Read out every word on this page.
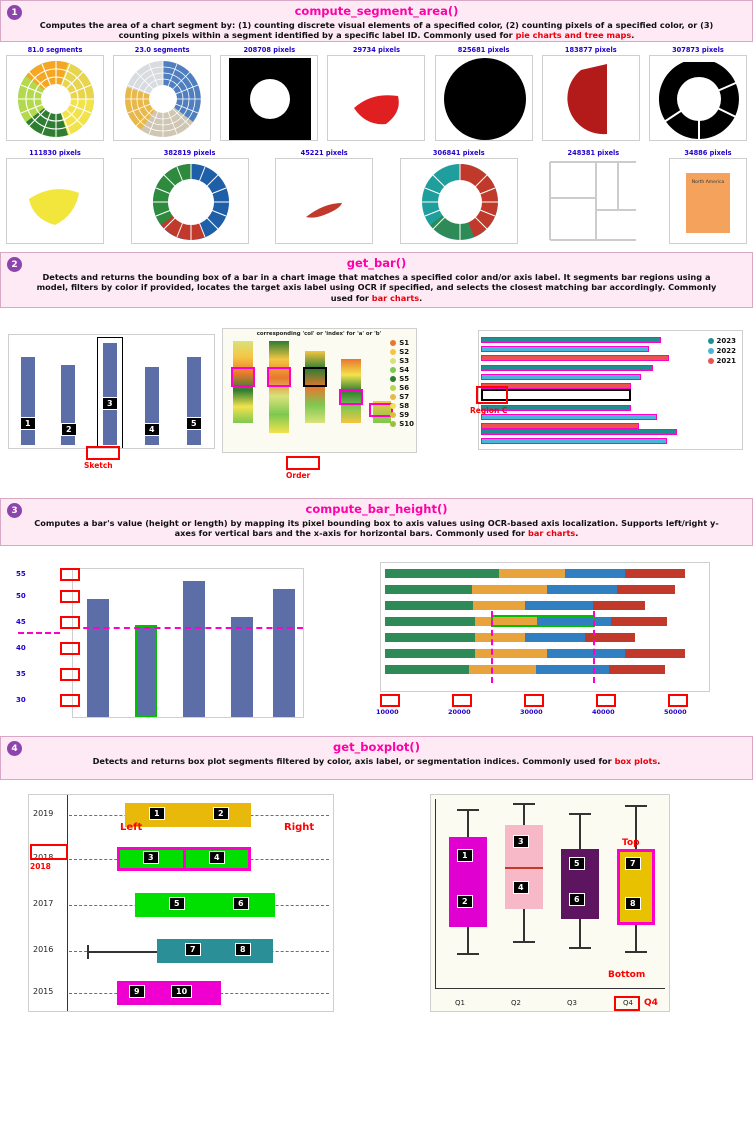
1	compute_segment_area()
Computes the area of a chart segment by: (1) counting discrete visual elements of a specified color, (2) counting pixels of a specified color, or (3) counting pixels within a segment identified by a specific label ID. Commonly used for pie charts and tree maps.
81.0 segments	23.0 segments	208708 pixels	29734 pixels	825681 pixels	183877 pixels	307873 pixels
111830 pixels	382819 pixels	45221 pixels	306841 pixels	248381 pixels	34886 pixels
North America
2	get_bar()
Detects and returns the bounding box of a bar in a chart image that matches a specified color and/or axis label. It segments bar regions using a model, filters by color if provided, locates the target axis label using OCR if specified, and selects the closest matching bar accordingly. Commonly used for bar charts.
1
2
3
4
5
Sketch
corresponding 'col' or 'index' for 'a' or 'b'
S1
S2
S3
S4
S5
S6
S7
S8
S9
S10
Order
2023
2022
2021
Region C
3	compute_bar_height()
Computes a bar's value (height or length) by mapping its pixel bounding box to axis values using OCR-based axis localization. Supports left/right y-axes for vertical bars and the x-axis for horizontal bars. Commonly used for bar charts.
55
50
45
40
35
30
10000	20000	30000	40000	50000
4	get_boxplot()
Detects and returns box plot segments filtered by color, axis label, or segmentation indices. Commonly used for box plots.
2019	1	2
2018	3	4
2017	5	6
2016	7	8
2015	9	10
2018
Left	Right
1
2
Q1
3
4
Q2
5
6
Q3
7
8
Q4
Top
Bottom
Q4
